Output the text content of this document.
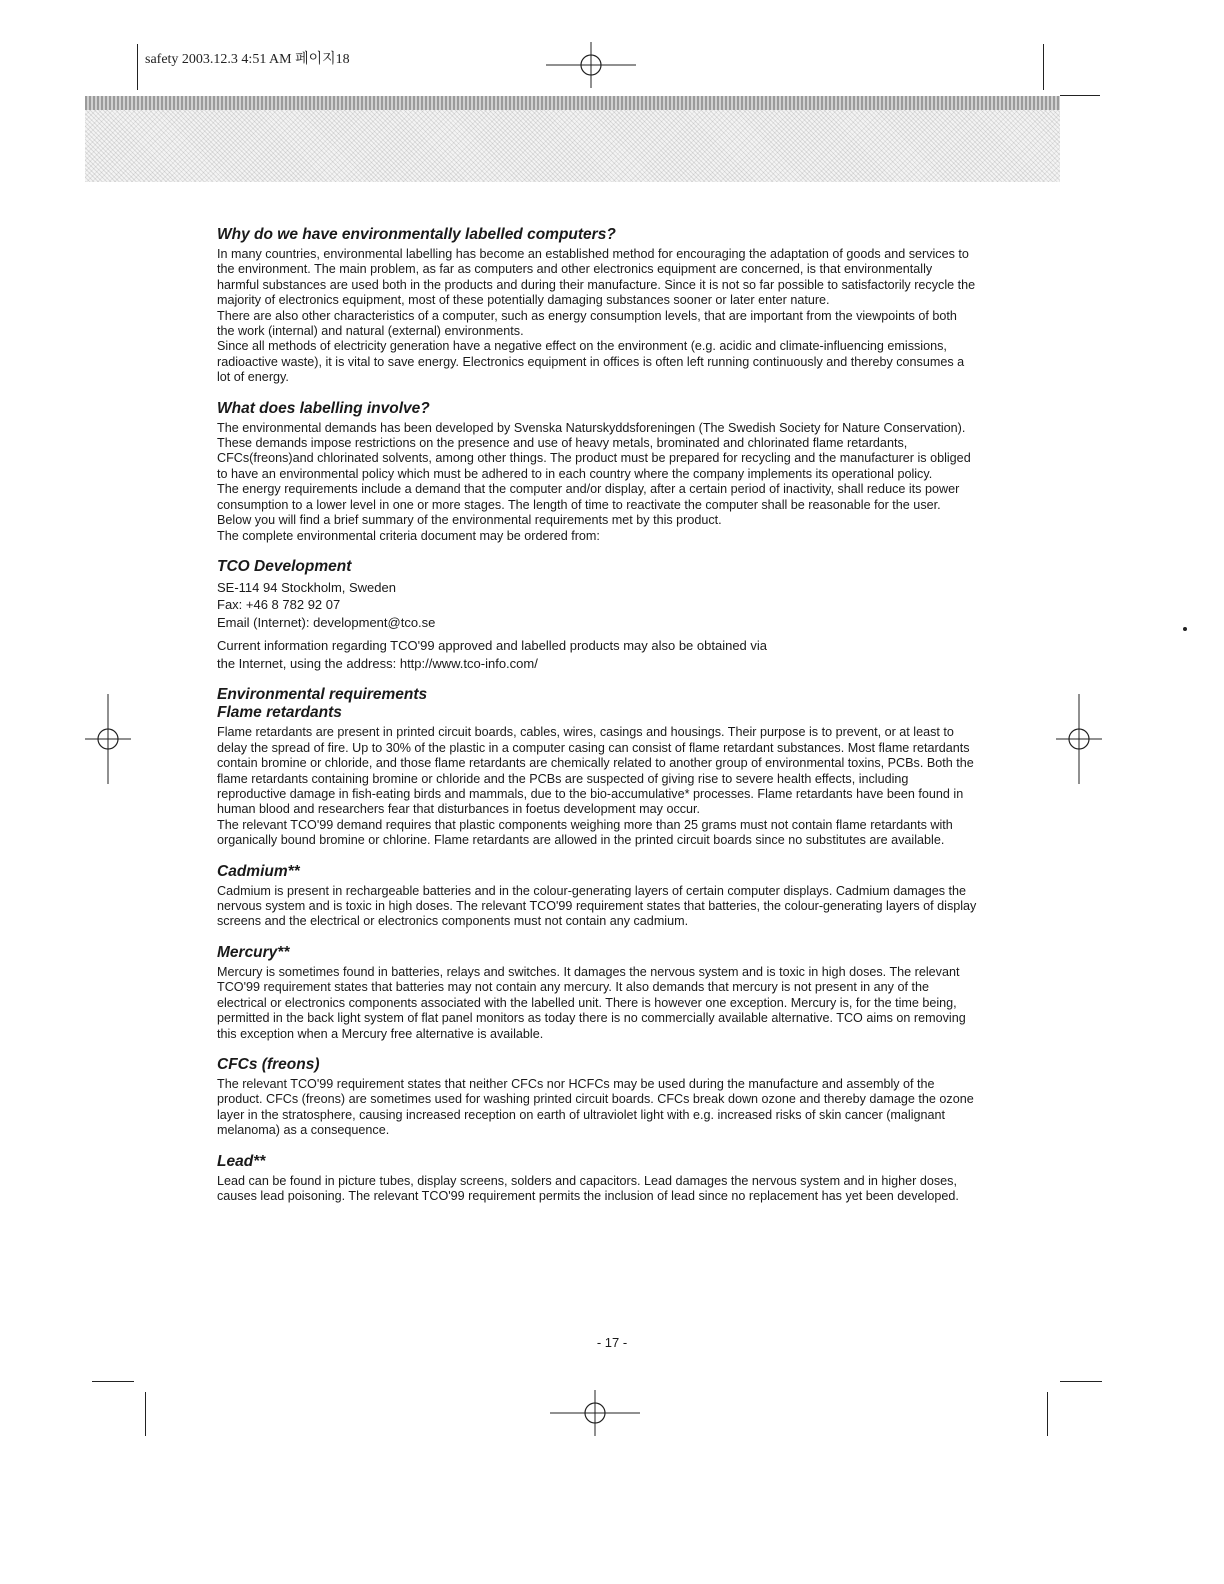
safety 2003.12.3 4:51 AM 페이지18
Why do we have environmentally labelled computers?

In many countries, environmental labelling has become an established method for encouraging the adaptation of goods and services to the environment. The main problem, as far as computers and other electronics equipment are concerned, is that environmentally harmful substances are used both in the products and during their manufacture. Since it is not so far possible to satisfactorily recycle the majority of electronics equipment, most of these potentially damaging substances sooner or later enter nature.

There are also other characteristics of a computer, such as energy consumption levels, that are important from the viewpoints of both the work (internal) and natural (external) environments.

Since all methods of electricity generation have a negative effect on the environment (e.g. acidic and climate-influencing emissions, radioactive waste), it is vital to save energy. Electronics equipment in offices is often left running continuously and thereby consumes a lot of energy.

What does labelling involve?

The environmental demands has been developed by Svenska Naturskyddsforeningen (The Swedish Society for Nature Conservation). These demands impose restrictions on the presence and use of heavy metals, brominated and chlorinated flame retardants, CFCs(freons)and chlorinated solvents, among other things. The product must be prepared for recycling and the manufacturer is obliged to have an environmental policy which must be adhered to in each country where the company implements its operational policy.

The energy requirements include a demand that the computer and/or display, after a certain period of inactivity, shall reduce its power consumption to a lower level in one or more stages. The length of time to reactivate the computer shall be reasonable for the user.

Below you will find a brief summary of the environmental requirements met by this product.

The complete environmental criteria document may be ordered from:

TCO Development

SE-114 94 Stockholm, Sweden

Fax: +46 8 782 92 07

Email (Internet): development@tco.se

Current information regarding TCO'99 approved and labelled products may also be obtained via

the Internet, using the address: http://www.tco-info.com/

Environmental requirements
Flame retardants

Flame retardants are present in printed circuit boards, cables, wires, casings and housings. Their purpose is to prevent, or at least to delay the spread of fire. Up to 30% of the plastic in a computer casing can consist of flame retardant substances. Most flame retardants contain bromine or chloride, and those flame retardants are chemically related to another group of environmental toxins, PCBs. Both the flame retardants containing bromine or chloride and the PCBs are suspected of giving rise to severe health effects, including reproductive damage in fish-eating birds and mammals, due to the bio-accumulative* processes. Flame retardants have been found in human blood and researchers fear that disturbances in foetus development may occur.

The relevant TCO'99 demand requires that plastic components weighing more than 25 grams must not contain flame retardants with organically bound bromine or chlorine. Flame retardants are allowed in the printed circuit boards since no substitutes are available.

Cadmium**

Cadmium is present in rechargeable batteries and in the colour-generating layers of certain computer displays. Cadmium damages the nervous system and is toxic in high doses. The relevant TCO'99 requirement states that batteries, the colour-generating layers of display screens and the electrical or electronics components must not contain any cadmium.

Mercury**

Mercury is sometimes found in batteries, relays and switches. It damages the nervous system and is toxic in high doses. The relevant TCO'99 requirement states that batteries may not contain any mercury. It also demands that mercury is not present in any of the electrical or electronics components associated with the labelled unit. There is however one exception. Mercury is, for the time being, permitted in the back light system of flat panel monitors as today there is no commercially available alternative. TCO aims on removing this exception when a Mercury free alternative is available.

CFCs (freons)

The relevant TCO'99 requirement states that neither CFCs nor HCFCs may be used during the manufacture and assembly of the product. CFCs (freons) are sometimes used for washing printed circuit boards. CFCs break down ozone and thereby damage the ozone layer in the stratosphere, causing increased reception on earth of ultraviolet light with e.g. increased risks of skin cancer (malignant melanoma) as a consequence.

Lead**

Lead can be found in picture tubes, display screens, solders and capacitors. Lead damages the nervous system and in higher doses, causes lead poisoning. The relevant TCO'99 requirement permits the inclusion of lead since no replacement has yet been developed.

- 17 -
